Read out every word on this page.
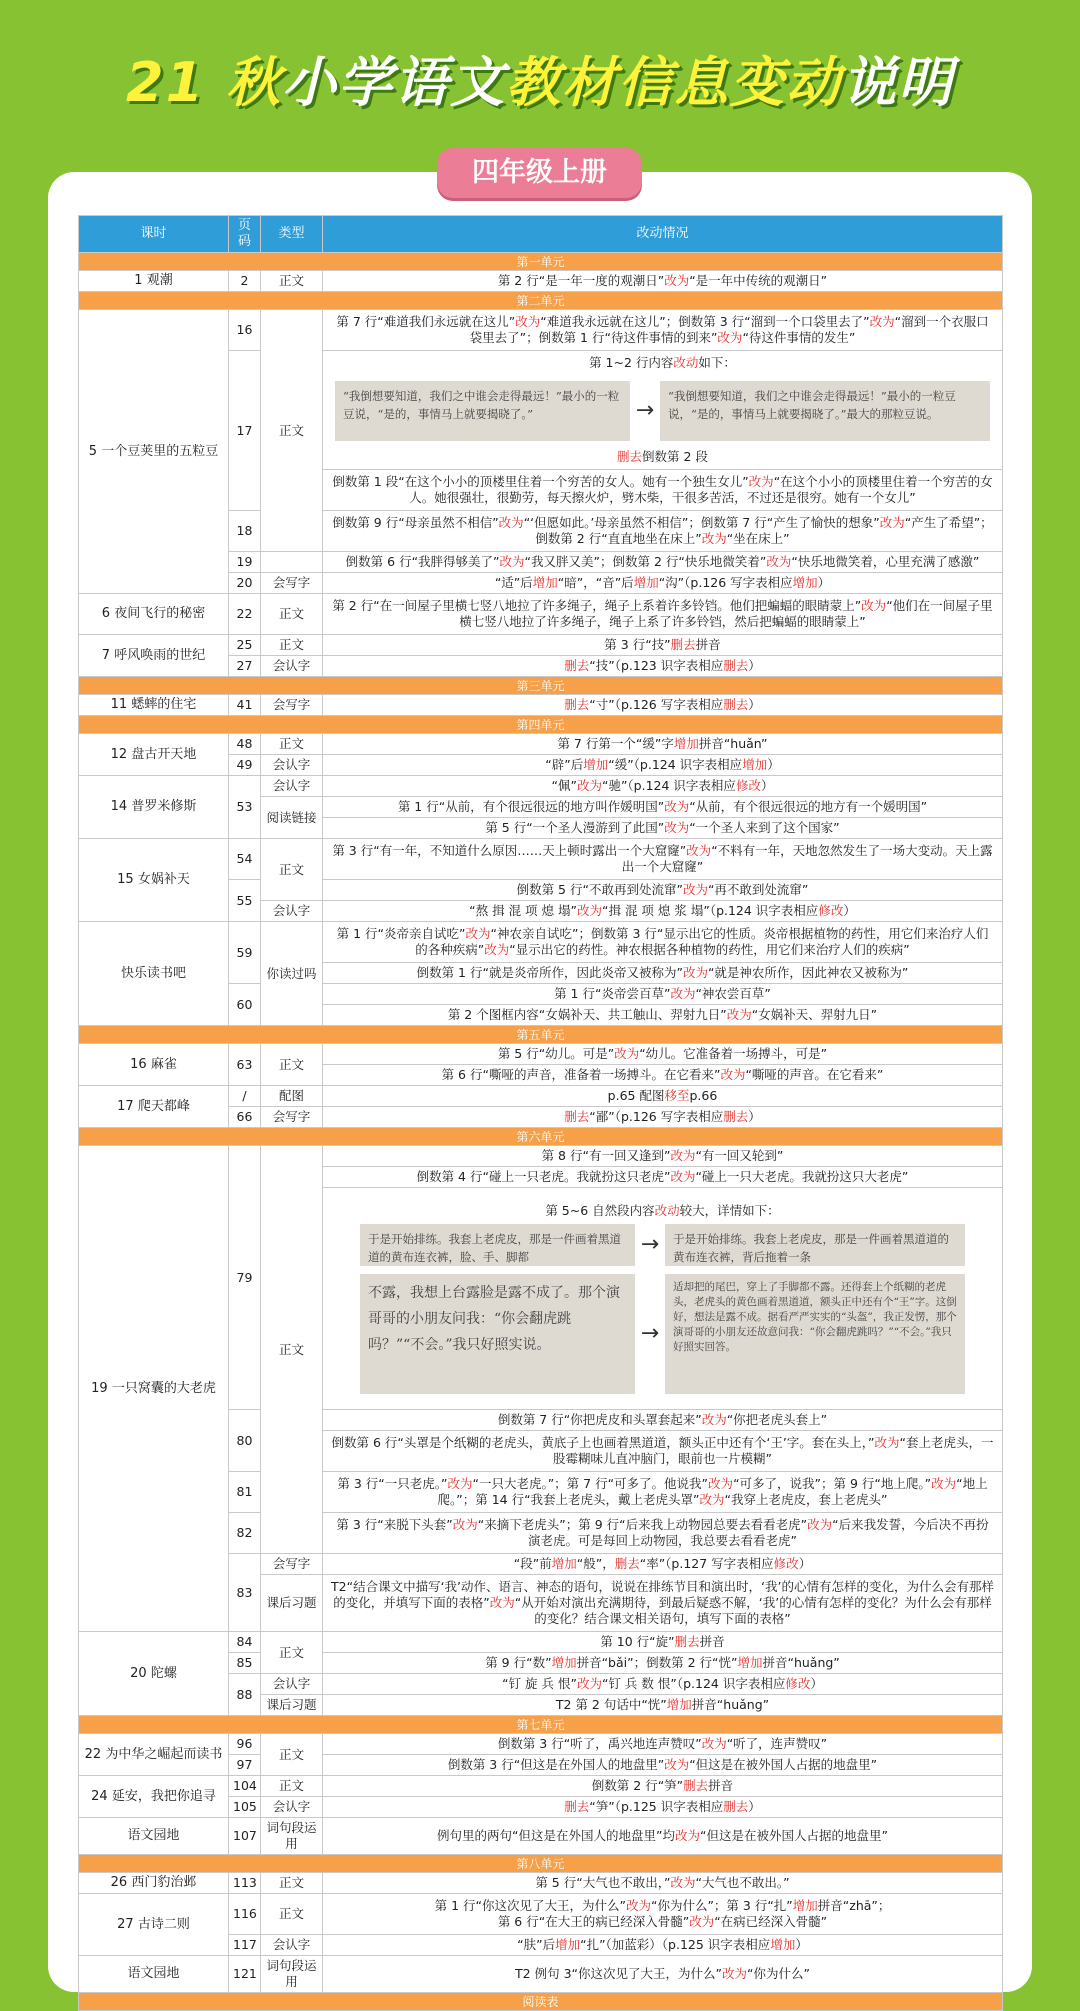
21 秋小学语文教材信息变动说明
四年级上册
课时	页码	类型	改动情况
第一单元			
1 观潮	2	正文	第 2 行“是一年一度的观潮日”改为“是一年中传统的观潮日”
第二单元			
5 一个豆荚里的五粒豆	16	正文	第 7 行“难道我们永远就在这儿”改为“难道我永远就在这儿”；倒数第 3 行“溜到一个口袋里去了”改为“溜到一个衣服口袋里去了”；倒数第 1 行“待这件事情的到来”改为“待这件事情的发生”
	17		第 1~2 行内容改动如下：
“我倒想要知道，我们之中谁会走得最远！”最小的一粒豆说，“是的，事情马上就要揭晓了。” →“我倒想要知道，我们之中谁会走得最远！”最小的一粒豆说，“是的，事情马上就要揭晓了。”最大的那粒豆说。
删去倒数第 2 段

			倒数第 1 段“在这个小小的顶楼里住着一个穷苦的女人。她有一个独生女儿”改为“在这个小小的顶楼里住着一个穷苦的女人。她很强壮，很勤劳，每天擦火炉，劈木柴，干很多苦活，不过还是很穷。她有一个女儿”
	18		倒数第 9 行“母亲虽然不相信”改为“‘但愿如此。’母亲虽然不相信”；倒数第 7 行“产生了愉快的想象”改为“产生了希望”；倒数第 2 行“直直地坐在床上”改为“坐在床上”
	19		倒数第 6 行“我胖得够美了”改为“我又胖又美”；倒数第 2 行“快乐地微笑着”改为“快乐地微笑着，心里充满了感激”
	20	会写字	“适”后增加“暗”，“音”后增加“沟”（p.126 写字表相应增加）
6 夜间飞行的秘密	22	正文	第 2 行“在一间屋子里横七竖八地拉了许多绳子，绳子上系着许多铃铛。他们把蝙蝠的眼睛蒙上”改为“他们在一间屋子里横七竖八地拉了许多绳子，绳子上系了许多铃铛，然后把蝙蝠的眼睛蒙上”
7 呼风唤雨的世纪	25	正文	第 3 行“技”删去拼音
	27	会认字	删去“技”（p.123 识字表相应删去）
第三单元			
11 蟋蟀的住宅	41	会写字	删去“寸”（p.126 写字表相应删去）
第四单元			
12 盘古开天地	48	正文	第 7 行第一个“缓”字增加拼音“huǎn”
	49	会认字	“辟”后增加“缓”（p.124 识字表相应增加）
14 普罗米修斯	53	会认字	“佩”改为“驰”（p.124 识字表相应修改）
		阅读链接	第 1 行“从前，有个很远很远的地方叫作媛明国”改为“从前，有个很远很远的地方有一个媛明国”
			第 5 行“一个圣人漫游到了此国”改为“一个圣人来到了这个国家”
15 女娲补天	54	正文	第 3 行“有一年，不知道什么原因……天上顿时露出一个大窟窿”改为“不料有一年，天地忽然发生了一场大变动。天上露出一个大窟窿”
	55		倒数第 5 行“不敢再到处流窜”改为“再不敢到处流窜”
		会认字	“熬 揖 混 项 熄 塌”改为“揖 混 项 熄 浆 塌”（p.124 识字表相应修改）
快乐读书吧	59	你读过吗	第 1 行“炎帝亲自试吃”改为“神农亲自试吃”；倒数第 3 行“显示出它的性质。炎帝根据植物的药性，用它们来治疗人们的各种疾病”改为“显示出它的药性。神农根据各种植物的药性，用它们来治疗人们的疾病”
			倒数第 1 行“就是炎帝所作，因此炎帝又被称为”改为“就是神农所作，因此神农又被称为”
	60		第 1 行“炎帝尝百草”改为“神农尝百草”
			第 2 个图框内容“女娲补天、共工触山、羿射九日”改为“女娲补天、羿射九日”
第五单元			
16 麻雀	63	正文	第 5 行“幼儿。可是”改为“幼儿。它准备着一场搏斗，可是”
			第 6 行“嘶哑的声音，准备着一场搏斗。在它看来”改为“嘶哑的声音。在它看来”
17 爬天都峰	/	配图	p.65 配图移至p.66
	66	会写字	删去“鄙”（p.126 写字表相应删去）
第六单元			
19 一只窝囊的大老虎	79	正文	第 8 行“有一回又逢到”改为“有一回又轮到”
			倒数第 4 行“碰上一只老虎。我就扮这只老虎”改为“碰上一只大老虎。我就扮这只大老虎”

			第 5~6 自然段内容改动较大，详情如下：
于是开始排练。我套上老虎皮，那是一件画着黑道道的黄布连衣裤，脸、手、脚都 → 于是开始排练。我套上老虎皮，那是一件画着黑道道的黄布连衣裤，背后拖着一条
不露，我想上台露脸是露不成了。那个演哥哥的小朋友问我：“你会翻虎跳吗？”“不会。”我只好照实说。 →适却把的尾巴，穿上了手脚都不露。还得套上个纸糊的老虎头，老虎头的黄色画着黑道道，额头正中还有个“王”字。这倒好，想法是露不成。据看严严实实的“头盔”，我正发愣，那个演哥哥的小朋友还故意问我：“你会翻虎跳吗？”“不会。”我只好照实回答。

	80		倒数第 7 行“你把虎皮和头罩套起来”改为“你把老虎头套上”
			倒数第 6 行“头罩是个纸糊的老虎头，黄底子上也画着黑道道，额头正中还有个‘王’字。套在头上，”改为“套上老虎头，一股霉糊味儿直冲脑门，眼前也一片模糊”
	81		第 3 行“一只老虎。”改为“一只大老虎。”；第 7 行“可多了。他说我”改为“可多了，说我”；第 9 行“地上爬。”改为“地上爬。”；第 14 行“我套上老虎头，戴上老虎头罩”改为“我穿上老虎皮，套上老虎头”
	82		第 3 行“来脱下头套”改为“来摘下老虎头”；第 9 行“后来我上动物园总要去看看老虎”改为“后来我发誓，今后决不再扮演老虎。可是每回上动物园，我总要去看看老虎”
	83	会写字	“段”前增加“般”，删去“率”（p.127 写字表相应修改）
		课后习题	T2“结合课文中描写‘我’动作、语言、神态的语句，说说在排练节目和演出时，‘我’的心情有怎样的变化，为什么会有那样的变化，并填写下面的表格”改为“从开始对演出充满期待，到最后疑惑不解，‘我’的心情有怎样的变化？为什么会有那样的变化？结合课文相关语句，填写下面的表格”
20 陀螺	84	正文	第 10 行“旋”删去拼音
	85		第 9 行“数”增加拼音“bǎi”；倒数第 2 行“恍”增加拼音“huǎng”
	88	会认字	“钉 旋 兵 恨”改为“钉 兵 数 恨”（p.124 识字表相应修改）
		课后习题	T2 第 2 句话中“恍”增加拼音“huǎng”
第七单元			
22 为中华之崛起而读书	96	正文	倒数第 3 行“听了，禹兴地连声赞叹”改为“听了，连声赞叹”
	97		倒数第 3 行“但这是在外国人的地盘里”改为“但这是在被外国人占据的地盘里”
24 延安，我把你追寻	104	正文	倒数第 2 行“笋”删去拼音
	105	会认字	删去“笋”（p.125 识字表相应删去）
语文园地	107	词句段运用	例句里的两句“但这是在外国人的地盘里”均改为“但这是在被外国人占据的地盘里”
第八单元			
26 西门豹治邺	113	正文	第 5 行“大气也不敢出，”改为“大气也不敢出。”
27 古诗二则	116	正文	第 1 行“你这次见了大王，为什么”改为“你为什么”；第 3 行“扎”增加拼音“zhā”；
第 6 行“在大王的病已经深入骨髓”改为“在病已经深入骨髓”

	117	会认字	“肤”后增加“扎”（加蓝彩）（p.125 识字表相应增加）
语文园地	121	词句段运用	T2 例句 3“你这次见了大王，为什么”改为“你为什么”
阅读表			
